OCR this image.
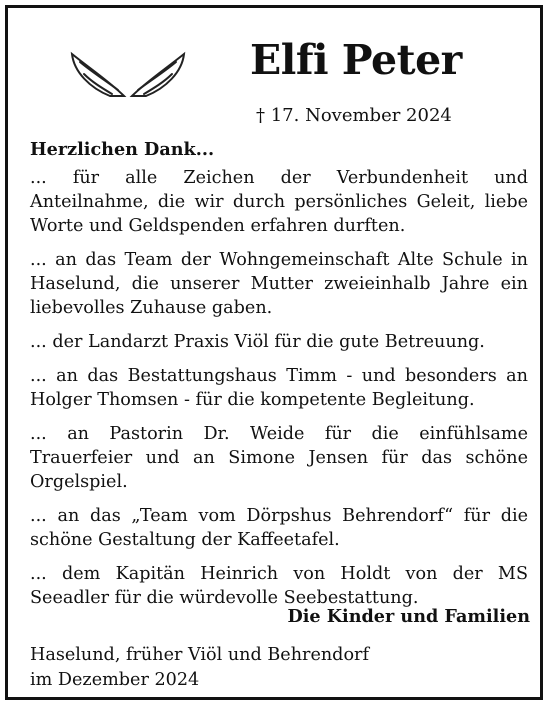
Elfi Peter
† 17. November 2024
Herzlichen Dank...

... für alle Zeichen der Verbundenheit und Anteilnahme, die wir durch persönliches Geleit, liebe Worte und Geldspenden erfahren durften.

... an das Team der Wohngemeinschaft Alte Schule in Haselund, die unserer Mutter zweieinhalb Jahre ein liebevolles Zuhause gaben.

... der Landarzt Praxis Viöl für die gute Betreuung.

... an das Bestattungshaus Timm - und besonders an Holger Thomsen - für die kompetente Begleitung.

... an Pastorin Dr. Weide für die einfühlsame Trauerfeier und an Simone Jensen für das schöne Orgelspiel.

... an das „Team vom Dörpshus Behrendorf“ für die schöne Gestaltung der Kaffeetafel.

... dem Kapitän Heinrich von Holdt von der MS Seeadler für die würdevolle Seebestattung.

Die Kinder und Familien
Haselund, früher Viöl und Behrendorf
im Dezember 2024
